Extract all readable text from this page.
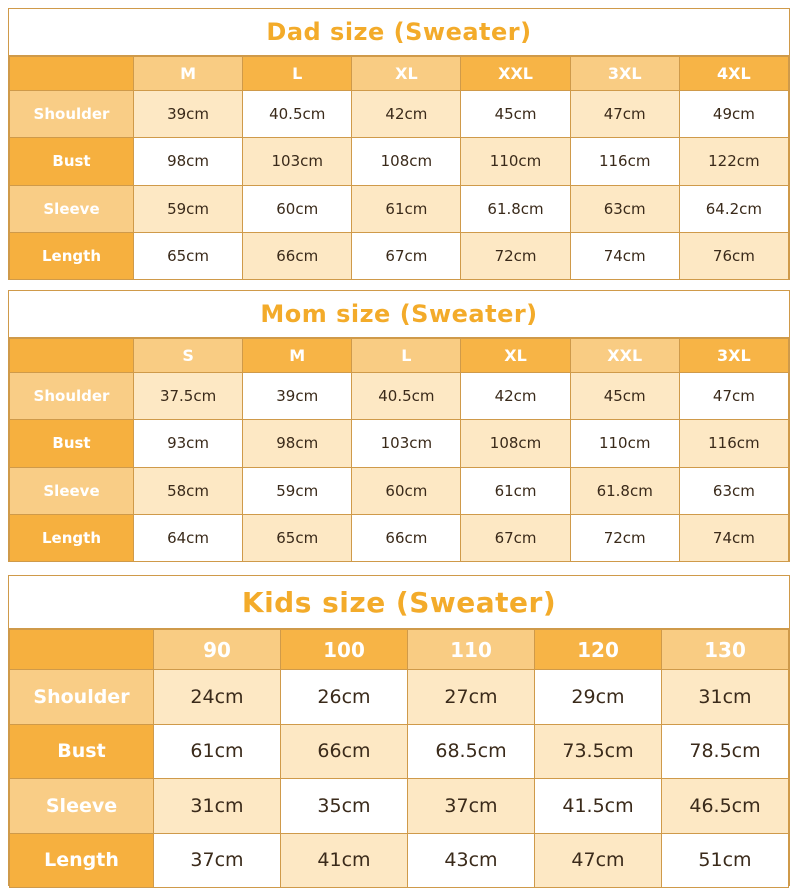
Dad size (Sweater)
	M	L	XL	XXL	3XL	4XL
Shoulder	39cm	40.5cm	42cm	45cm	47cm	49cm
Bust	98cm	103cm	108cm	110cm	116cm	122cm
Sleeve	59cm	60cm	61cm	61.8cm	63cm	64.2cm
Length	65cm	66cm	67cm	72cm	74cm	76cm
Mom size (Sweater)
	S	M	L	XL	XXL	3XL
Shoulder	37.5cm	39cm	40.5cm	42cm	45cm	47cm
Bust	93cm	98cm	103cm	108cm	110cm	116cm
Sleeve	58cm	59cm	60cm	61cm	61.8cm	63cm
Length	64cm	65cm	66cm	67cm	72cm	74cm
Kids size (Sweater)
	90	100	110	120	130
Shoulder	24cm	26cm	27cm	29cm	31cm
Bust	61cm	66cm	68.5cm	73.5cm	78.5cm
Sleeve	31cm	35cm	37cm	41.5cm	46.5cm
Length	37cm	41cm	43cm	47cm	51cm
